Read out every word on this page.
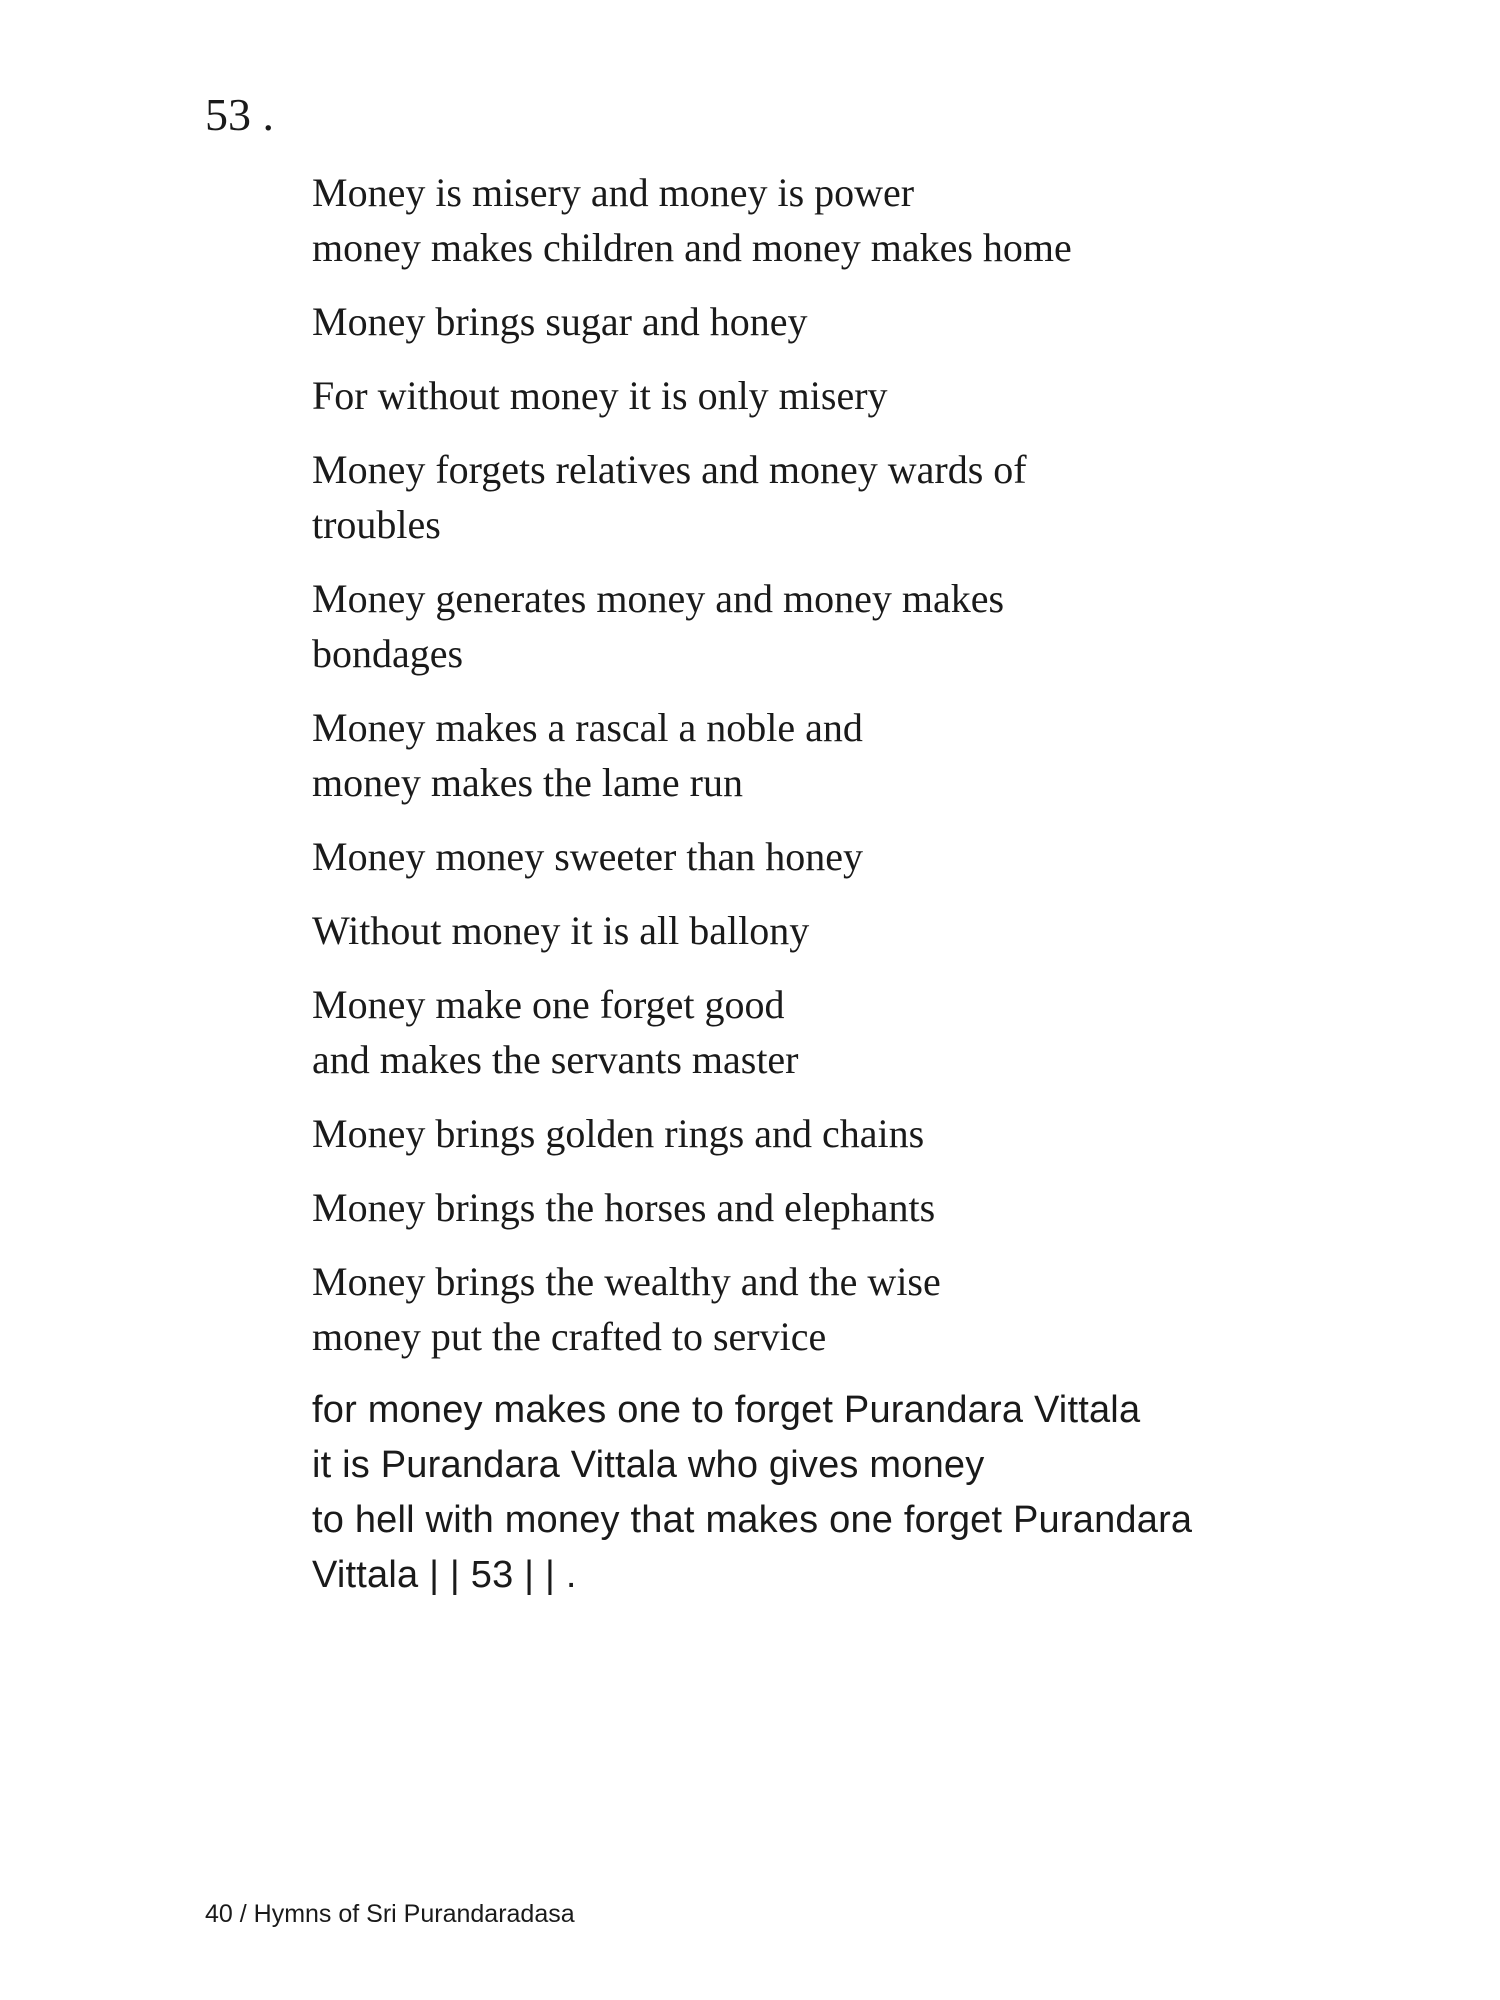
53 .
Money is misery and money is power
money makes children and money makes home
Money brings sugar and honey
For without money it is only misery
Money forgets relatives and money wards of
troubles
Money generates money and money makes
bondages
Money makes a rascal a noble and
money makes the lame run
Money money sweeter than honey
Without money it is all ballony
Money make one forget good
and makes the servants master
Money brings golden rings and chains
Money brings the horses and elephants
Money brings the wealthy and the wise
money put the crafted to service
for money makes one to forget Purandara Vittala
it is Purandara Vittala who gives money
to hell with money that makes one forget Purandara
Vittala | | 53 | | .
40 / Hymns of Sri Purandaradasa
